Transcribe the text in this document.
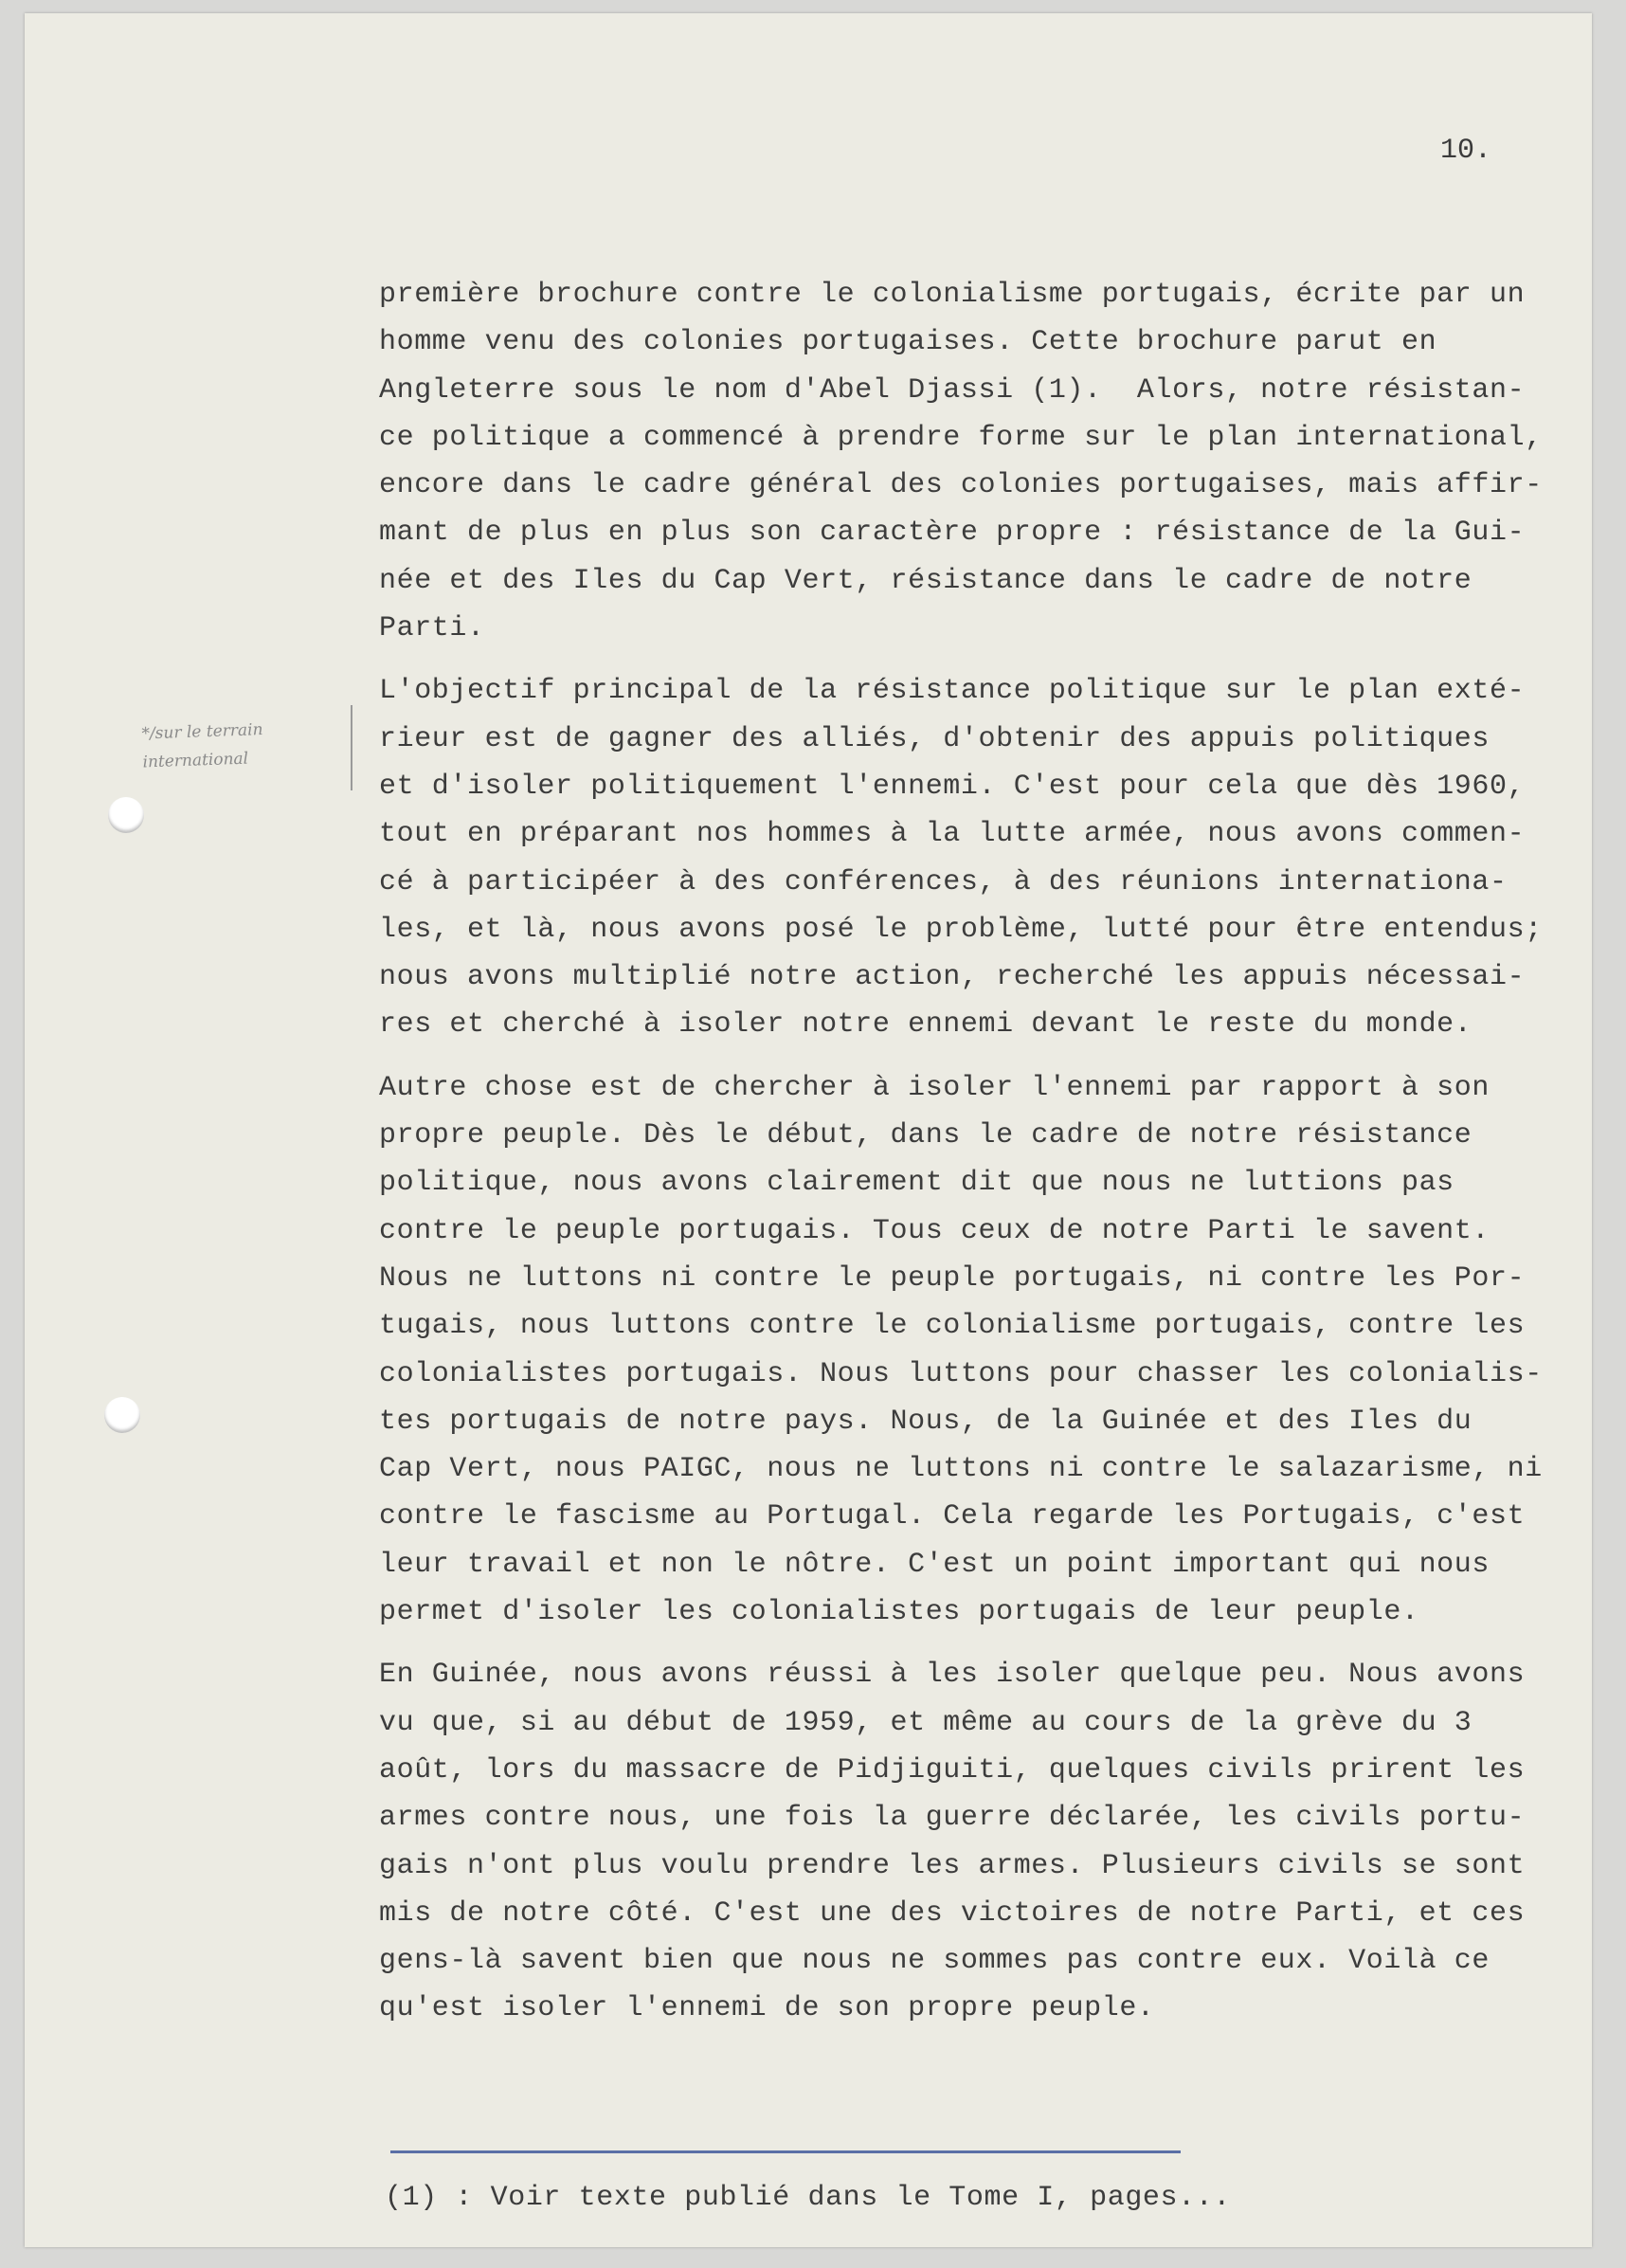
10.
*/sur le terrain
international
première brochure contre le colonialisme portugais, écrite par un
homme venu des colonies portugaises. Cette brochure parut en
Angleterre sous le nom d'Abel Djassi (1).  Alors, notre résistan-
ce politique a commencé à prendre forme sur le plan international,
encore dans le cadre général des colonies portugaises, mais affir-
mant de plus en plus son caractère propre : résistance de la Gui-
née et des Iles du Cap Vert, résistance dans le cadre de notre
Parti.
L'objectif principal de la résistance politique sur le plan exté-
rieur est de gagner des alliés, d'obtenir des appuis politiques
et d'isoler politiquement l'ennemi. C'est pour cela que dès 1960,
tout en préparant nos hommes à la lutte armée, nous avons commen-
cé à participéer à des conférences, à des réunions internationa-
les, et là, nous avons posé le problème, lutté pour être entendus;
nous avons multiplié notre action, recherché les appuis nécessai-
res et cherché à isoler notre ennemi devant le reste du monde.
Autre chose est de chercher à isoler l'ennemi par rapport à son
propre peuple. Dès le début, dans le cadre de notre résistance
politique, nous avons clairement dit que nous ne luttions pas
contre le peuple portugais. Tous ceux de notre Parti le savent.
Nous ne luttons ni contre le peuple portugais, ni contre les Por-
tugais, nous luttons contre le colonialisme portugais, contre les
colonialistes portugais. Nous luttons pour chasser les colonialis-
tes portugais de notre pays. Nous, de la Guinée et des Iles du
Cap Vert, nous PAIGC, nous ne luttons ni contre le salazarisme, ni
contre le fascisme au Portugal. Cela regarde les Portugais, c'est
leur travail et non le nôtre. C'est un point important qui nous
permet d'isoler les colonialistes portugais de leur peuple.
En Guinée, nous avons réussi à les isoler quelque peu. Nous avons
vu que, si au début de 1959, et même au cours de la grève du 3
août, lors du massacre de Pidjiguiti, quelques civils prirent les
armes contre nous, une fois la guerre déclarée, les civils portu-
gais n'ont plus voulu prendre les armes. Plusieurs civils se sont
mis de notre côté. C'est une des victoires de notre Parti, et ces
gens-là savent bien que nous ne sommes pas contre eux. Voilà ce
qu'est isoler l'ennemi de son propre peuple.
(1) : Voir texte publié dans le Tome I, pages...
